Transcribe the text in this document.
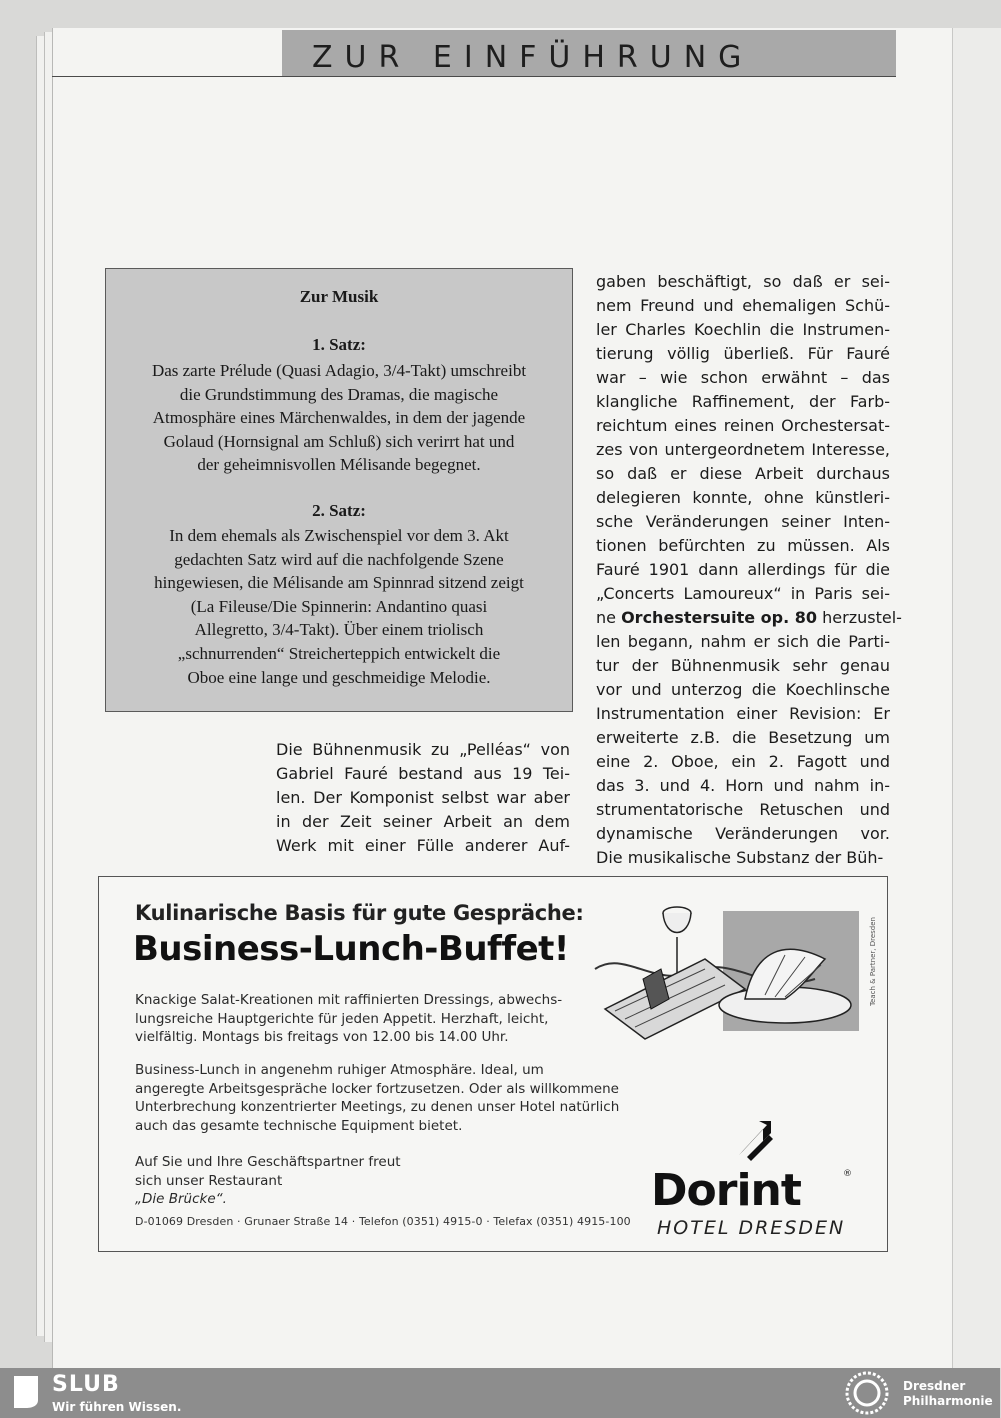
ZUR EINFÜHRUNG
Zur Musik
1. Satz:
Das zarte Prélude (Quasi Adagio, 3/4-Takt) umschreibt
die Grundstimmung des Dramas, die magische
Atmosphäre eines Märchenwaldes, in dem der jagende
Golaud (Hornsignal am Schluß) sich verirrt hat und
der geheimnisvollen Mélisande begegnet.
2. Satz:
In dem ehemals als Zwischenspiel vor dem 3. Akt
gedachten Satz wird auf die nachfolgende Szene
hingewiesen, die Mélisande am Spinnrad sitzend zeigt
(La Fileuse/Die Spinnerin: Andantino quasi
Allegretto, 3/4-Takt). Über einem triolisch
„schnurrenden“ Streicherteppich entwickelt die
Oboe eine lange und geschmeidige Melodie.
Die Bühnenmusik zu „Pelléas“ von
Gabriel Fauré bestand aus 19 Tei-
len. Der Komponist selbst war aber
in der Zeit seiner Arbeit an dem
Werk mit einer Fülle anderer Auf-
gaben beschäftigt, so daß er sei-
nem Freund und ehemaligen Schü-
ler Charles Koechlin die Instrumen-
tierung völlig überließ. Für Fauré
war – wie schon erwähnt – das
klangliche Raffinement, der Farb-
reichtum eines reinen Orchestersat-
zes von untergeordnetem Interesse,
so daß er diese Arbeit durchaus
delegieren konnte, ohne künstleri-
sche Veränderungen seiner Inten-
tionen befürchten zu müssen. Als
Fauré 1901 dann allerdings für die
„Concerts Lamoureux“ in Paris sei-
ne Orchestersuite op. 80 herzustel-
len begann, nahm er sich die Parti-
tur der Bühnenmusik sehr genau
vor und unterzog die Koechlinsche
Instrumentation einer Revision: Er
erweiterte z.B. die Besetzung um
eine 2. Oboe, ein 2. Fagott und
das 3. und 4. Horn und nahm in-
strumentatorische Retuschen und
dynamische Veränderungen vor.
Die musikalische Substanz der Büh-
Kulinarische Basis für gute Gespräche:
Business-Lunch-Buffet!
Knackige Salat-Kreationen mit raffinierten Dressings, abwechs-
lungsreiche Hauptgerichte für jeden Appetit. Herzhaft, leicht,
vielfältig. Montags bis freitags von 12.00 bis 14.00 Uhr.
Business-Lunch in angenehm ruhiger Atmosphäre. Ideal, um
angeregte Arbeitsgespräche locker fortzusetzen. Oder als willkommene
Unterbrechung konzentrierter Meetings, zu denen unser Hotel natürlich
auch das gesamte technische Equipment bietet.
Auf Sie und Ihre Geschäftspartner freut
sich unser Restaurant
„Die Brücke“.
D-01069 Dresden · Grunaer Straße 14 · Telefon (0351) 4915-0 · Telefax (0351) 4915-100
Teach & Partner, Dresden
Dorint	®
HOTEL DRESDEN
SLUB
Wir führen Wissen.
Dresdner
Philharmonie
